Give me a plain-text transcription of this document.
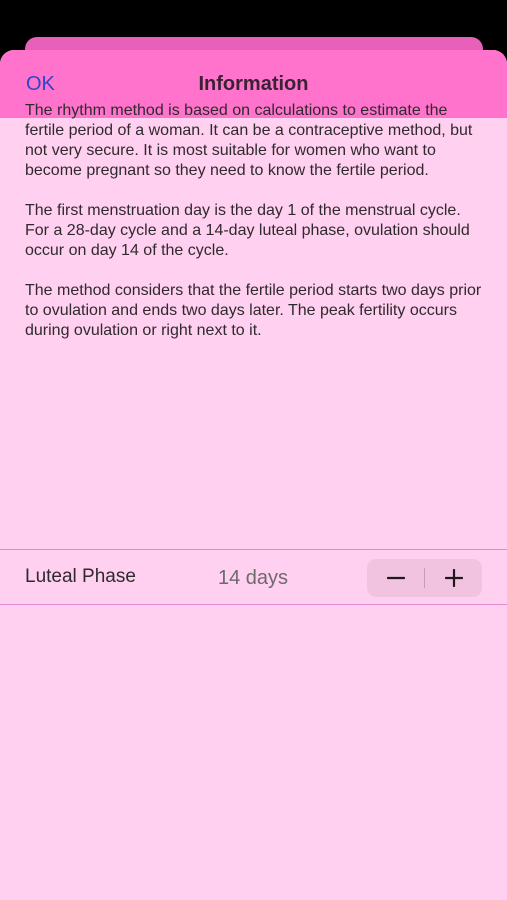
OK	Information

The rhythm method is based on calculations to estimate the fertile period of a woman. It can be a contraceptive method, but not very secure. It is most suitable for women who want to become pregnant so they need to know the fertile period.

The first menstruation day is the day 1 of the menstrual cycle. For a 28-day cycle and a 14-day luteal phase, ovulation should occur on day 14 of the cycle.

The method considers that the fertile period starts two days prior to ovulation and ends two days later. The peak fertility occurs during ovulation or right next to it.

Luteal Phase	14 days
